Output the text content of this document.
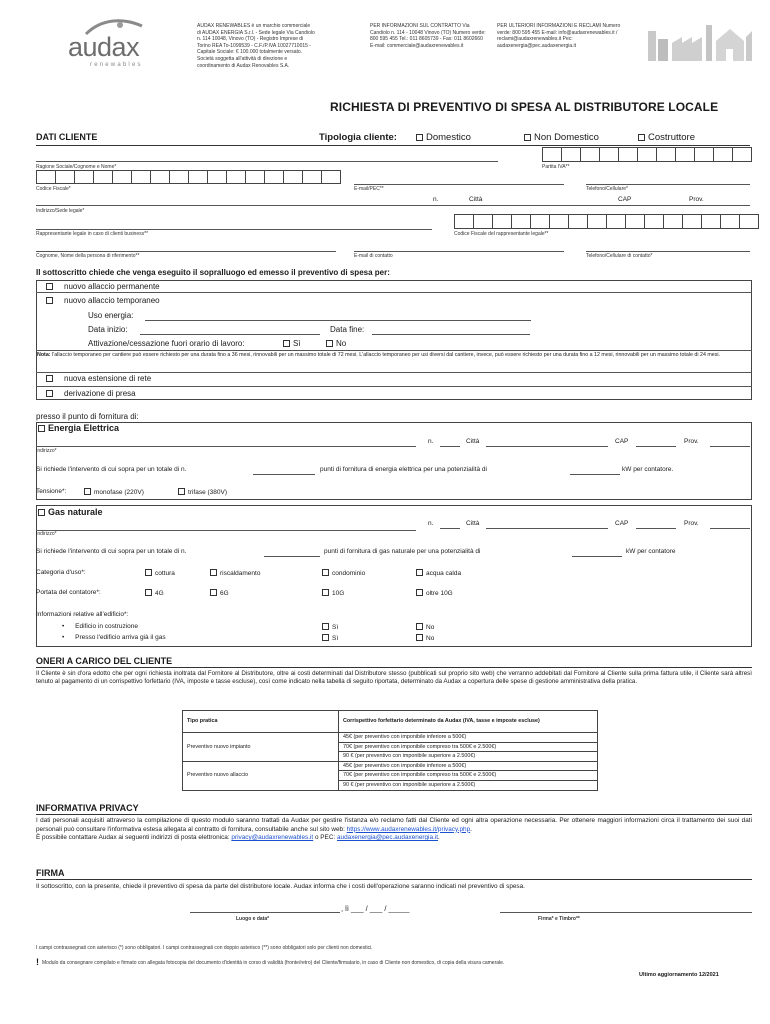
audax
renewables
AUDAX RENEWABLES è un marchio commerciale di AUDAX ENERGIA S.r.l. - Sede legale Via Candiolo n. 114 10048, Vinovo (TO) - Registro Imprese di Torino REA To-1099539 - C.F./P.IVA 10027710015 - Capitale Sociale: € 100.000 totalmente versato. Società soggetta all'attività di direzione e coordinamento di Audax Renovables S.A.
PER INFORMAZIONI SUL CONTRATTO Via Candiolo n. 114 - 10048 Vinovo (TO) Numero verde: 800 595 455 Tel.: 011 8605739 - Fax: 011 8602660 E-mail: commerciale@audaxrenewables.it
PER ULTERIORI INFORMAZIONI E RECLAMI Numero verde: 800 595 455 E-mail: info@audaxrenewables.it / reclami@audaxrenewables.it Pec: audaxenergia@pec.audaxenergia.it
RICHIESTA DI PREVENTIVO DI SPESA AL DISTRIBUTORE LOCALE
DATI CLIENTE	Tipologia cliente:	Domestico	Non Domestico	Costruttore
Ragione Sociale/Cognome e Nome*	Partita IVA**
Codice Fiscale*	E-mail/PEC**	Telefono/Cellulare*
n.	Città	CAP	Prov.
Indirizzo/Sede legale*
Rappresentante legale in caso di clienti business**	Codice Fiscale del rappresentante legale**
Cognome, Nome della persona di riferimento**	E-mail di contatto	Telefono/Cellulare di contatto*
Il sottoscritto chiede che venga eseguito il sopralluogo ed emesso il preventivo di spesa per:
nuovo allaccio permanente
nuovo allaccio temporaneo
Uso energia:
Data inizio:	Data fine:
Attivazione/cessazione fuori orario di lavoro:	Sì	No
Nota: l'allaccio temporaneo per cantiere può essere richiesto per una durata fino a 36 mesi, rinnovabili per un massimo totale di 72 mesi. L'allaccio temporaneo per usi diversi dal cantiere, invece, può essere richiesto per una durata fino a 12 mesi, rinnovabili per un massimo totale di 24 mesi.
nuova estensione di rete
derivazione di presa
presso il punto di fornitura di:
Energia Elettrica
n.	Città	CAP	Prov.
Indirizzo*
Si richiede l'intervento di cui sopra per un totale di n.	punti di fornitura di energia elettrica per una potenzialità di	kW per contatore.
Tensione*:	monofase (220V)	trifase (380V)
Gas naturale
n.	Città	CAP	Prov.
Indirizzo*
Si richiede l'intervento di cui sopra per un totale di n.	punti di fornitura di gas naturale per una potenzialità di	kW per contatore
Categoria d'uso*:	cottura	riscaldamento	condominio	acqua calda
Portata del contatore*:	4G	6G	10G	oltre 10G
Informazioni relative all'edificio*:
•      Edificio in costruzione
•      Presso l'edificio arriva già il gas
Sì	No
Sì	No
ONERI A CARICO DEL CLIENTE
Il Cliente è sin d'ora edotto che per ogni richiesta inoltrata dal Fornitore al Distributore, oltre ai costi determinati dal Distributore stesso (pubblicati sul proprio sito web) che verranno addebitati dal Fornitore al Cliente sulla prima fattura utile, il Cliente sarà altresì tenuto al pagamento di un corrispettivo forfettario (IVA, imposte e tasse escluse), così come indicato nella tabella di seguito riportata, determinato da Audax a copertura delle spese di gestione amministrativa della pratica.
Tipo pratica	Corrispettivo forfettario determinato da Audax (IVA, tasse e imposte escluse)
Preventivo nuovo impianto	45€ (per preventivo con imponibile inferiore a 500€)
	70€ (per preventivo con imponibile compreso tra 500€ e 2.500€)
	90 € (per preventivo con imponibile superiore a 2.500€)
Preventivo nuovo allaccio	45€ (per preventivo con imponibile inferiore a 500€)
	70€ (per preventivo con imponibile compreso tra 500€ e 2.500€)
	90 € (per preventivo con imponibile superiore a 2.500€)
INFORMATIVA PRIVACY
I dati personali acquisiti attraverso la compilazione di questo modulo saranno trattati da Audax per gestire l'istanza e/o reclamo fatti dal Cliente ed ogni altra operazione necessaria. Per ottenere maggiori informazioni circa il trattamento dei suoi dati personali può consultare l'informativa estesa allegata al contratto di fornitura, consultabile anche sul sito web: https://www.audaxrenewables.it/privacy.php.
È possibile contattare Audax ai seguenti indirizzi di posta elettronica: privacy@audaxrenewables.it o PEC: audaxenergia@pec.audaxenergia.it.
FIRMA
Il sottoscritto, con la presente, chiede il preventivo di spesa da parte del distributore locale. Audax informa che i costi dell'operazione saranno indicati nel preventivo di spesa.
, lì ___ / ___ / _____
Luogo e data*	Firma* e Timbro**
I campi contrassegnati con asterisco (*) sono obbligatori. I campi contrassegnati con doppio asterisco (**) sono obbligatori solo per clienti non domestici.
! Modulo da consegnare compilato e firmato con allegata fotocopia del documento d'identità in corso di validità (fronte/retro) del Cliente/firmatario, in caso di Cliente non domestico, di copia della visura camerale.
Ultimo aggiornamento 12/2021
